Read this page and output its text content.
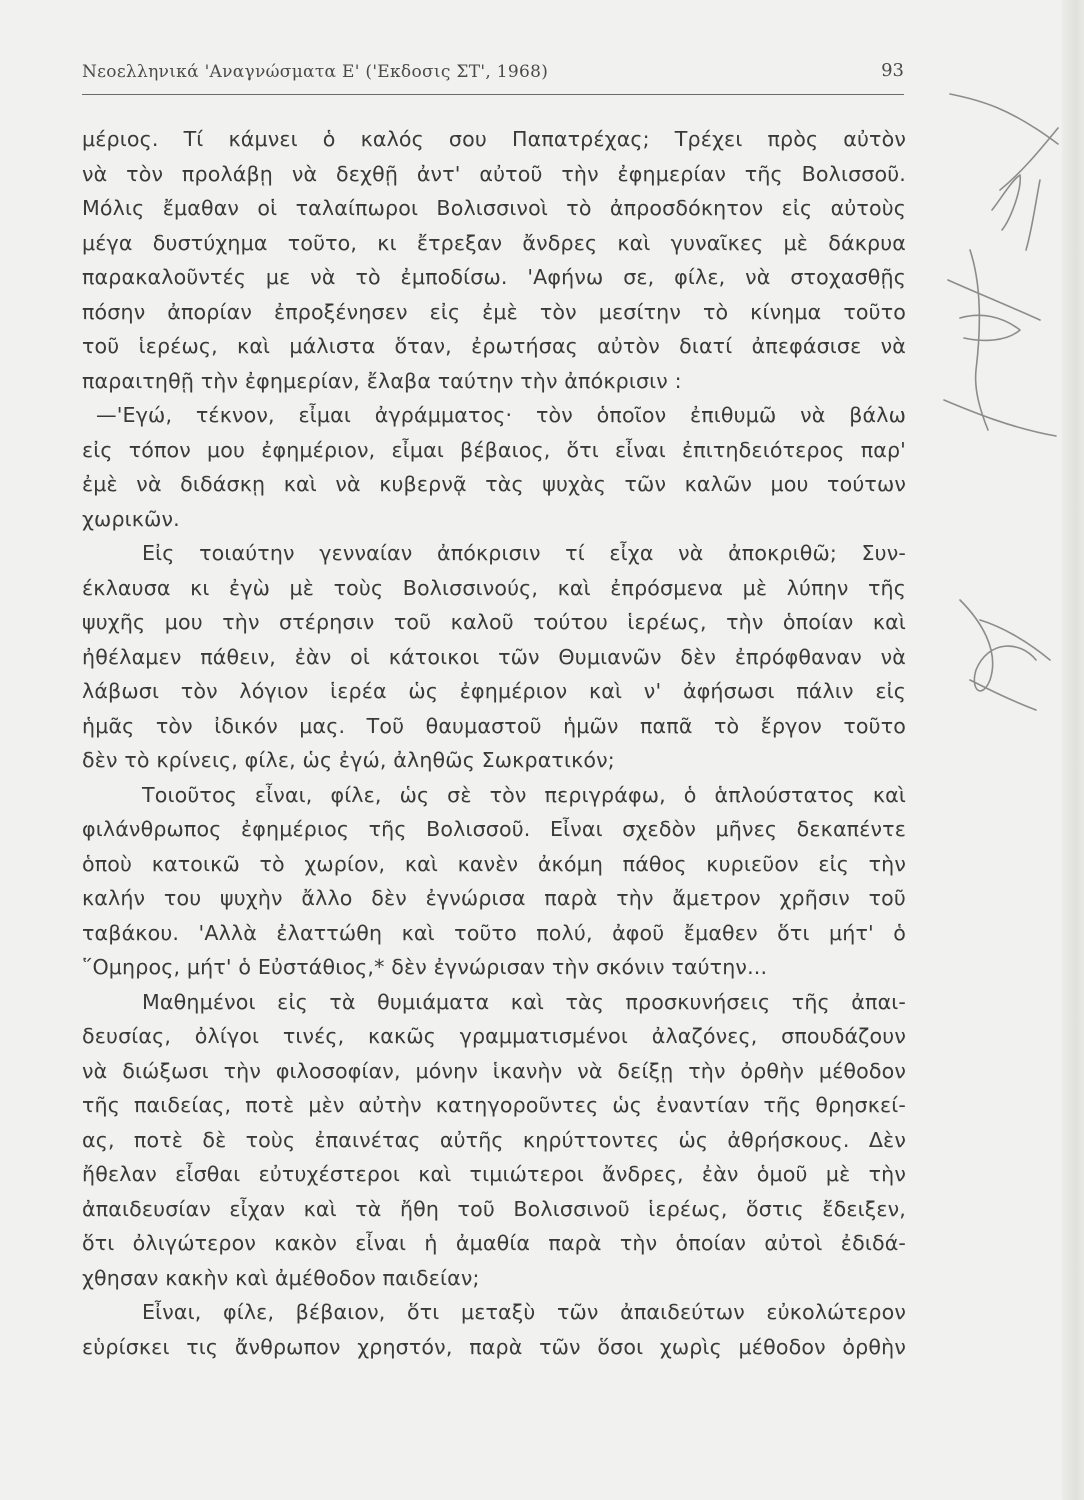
Νεοελληνικά 'Αναγνώσματα Ε' ('Εκδοσις ΣΤ', 1968)	93
μέριος. Τί κάμνει ὁ καλός σου Παπατρέχας; Τρέχει πρὸς αὐτὸν
νὰ τὸν προλάβῃ νὰ δεχθῇ ἀντ' αὐτοῦ τὴν ἐφημερίαν τῆς Βολισσοῦ.
Μόλις ἔμαθαν οἱ ταλαίπωροι Βολισσινοὶ τὸ ἀπροσδόκητον εἰς αὐτοὺς
μέγα δυστύχημα τοῦτο, κι ἔτρεξαν ἄνδρες καὶ γυναῖκες μὲ δάκρυα
παρακαλοῦντές με νὰ τὸ ἐμποδίσω. 'Αφήνω σε, φίλε, νὰ στοχασθῇς
πόσην ἀπορίαν ἐπροξένησεν εἰς ἐμὲ τὸν μεσίτην τὸ κίνημα τοῦτο
τοῦ ἱερέως, καὶ μάλιστα ὅταν, ἐρωτήσας αὐτὸν διατί ἀπεφάσισε νὰ
παραιτηθῇ τὴν ἐφημερίαν, ἔλαβα ταύτην τὴν ἀπόκρισιν :
—'Εγώ, τέκνον, εἶμαι ἀγράμματος· τὸν ὁποῖον ἐπιθυμῶ νὰ βάλω
εἰς τόπον μου ἐφημέριον, εἶμαι βέβαιος, ὅτι εἶναι ἐπιτηδειότερος παρ'
ἐμὲ νὰ διδάσκῃ καὶ νὰ κυβερνᾷ τὰς ψυχὰς τῶν καλῶν μου τούτων
χωρικῶν.
Εἰς τοιαύτην γενναίαν ἀπόκρισιν τί εἶχα νὰ ἀποκριθῶ; Συν-
έκλαυσα κι ἐγὼ μὲ τοὺς Βολισσινούς, καὶ ἐπρόσμενα μὲ λύπην τῆς
ψυχῆς μου τὴν στέρησιν τοῦ καλοῦ τούτου ἱερέως, τὴν ὁποίαν καὶ
ἠθέλαμεν πάθειν, ἐὰν οἱ κάτοικοι τῶν Θυμιανῶν δὲν ἐπρόφθαναν νὰ
λάβωσι τὸν λόγιον ἱερέα ὡς ἐφημέριον καὶ ν' ἀφήσωσι πάλιν εἰς
ἡμᾶς τὸν ἰδικόν μας. Τοῦ θαυμαστοῦ ἡμῶν παπᾶ τὸ ἔργον τοῦτο
δὲν τὸ κρίνεις, φίλε, ὡς ἐγώ, ἀληθῶς Σωκρατικόν;
Τοιοῦτος εἶναι, φίλε, ὡς σὲ τὸν περιγράφω, ὁ ἁπλούστατος καὶ
φιλάνθρωπος ἐφημέριος τῆς Βολισσοῦ. Εἶναι σχεδὸν μῆνες δεκαπέντε
ὁποὺ κατοικῶ τὸ χωρίον, καὶ κανὲν ἀκόμη πάθος κυριεῦον εἰς τὴν
καλήν του ψυχὴν ἄλλο δὲν ἐγνώρισα παρὰ τὴν ἄμετρον χρῆσιν τοῦ
ταβάκου. 'Αλλὰ ἐλαττώθη καὶ τοῦτο πολύ, ἀφοῦ ἔμαθεν ὅτι μήτ' ὁ
῞Ομηρος, μήτ' ὁ Εὐστάθιος,* δὲν ἐγνώρισαν τὴν σκόνιν ταύτην...
Μαθημένοι εἰς τὰ θυμιάματα καὶ τὰς προσκυνήσεις τῆς ἀπαι-
δευσίας, ὀλίγοι τινές, κακῶς γραμματισμένοι ἀλαζόνες, σπουδάζουν
νὰ διώξωσι τὴν φιλοσοφίαν, μόνην ἱκανὴν νὰ δείξῃ τὴν ὀρθὴν μέθοδον
τῆς παιδείας, ποτὲ μὲν αὐτὴν κατηγοροῦντες ὡς ἐναντίαν τῆς θρησκεί-
ας, ποτὲ δὲ τοὺς ἐπαινέτας αὐτῆς κηρύττοντες ὡς ἀθρήσκους. Δὲν
ἤθελαν εἶσθαι εὐτυχέστεροι καὶ τιμιώτεροι ἄνδρες, ἐὰν ὁμοῦ μὲ τὴν
ἀπαιδευσίαν εἶχαν καὶ τὰ ἤθη τοῦ Βολισσινοῦ ἱερέως, ὅστις ἔδειξεν,
ὅτι ὀλιγώτερον κακὸν εἶναι ἡ ἀμαθία παρὰ τὴν ὁποίαν αὐτοὶ ἐδιδά-
χθησαν κακὴν καὶ ἀμέθοδον παιδείαν;
Εἶναι, φίλε, βέβαιον, ὅτι μεταξὺ τῶν ἀπαιδεύτων εὐκολώτερον
εὑρίσκει τις ἄνθρωπον χρηστόν, παρὰ τῶν ὅσοι χωρὶς μέθοδον ὀρθὴν
